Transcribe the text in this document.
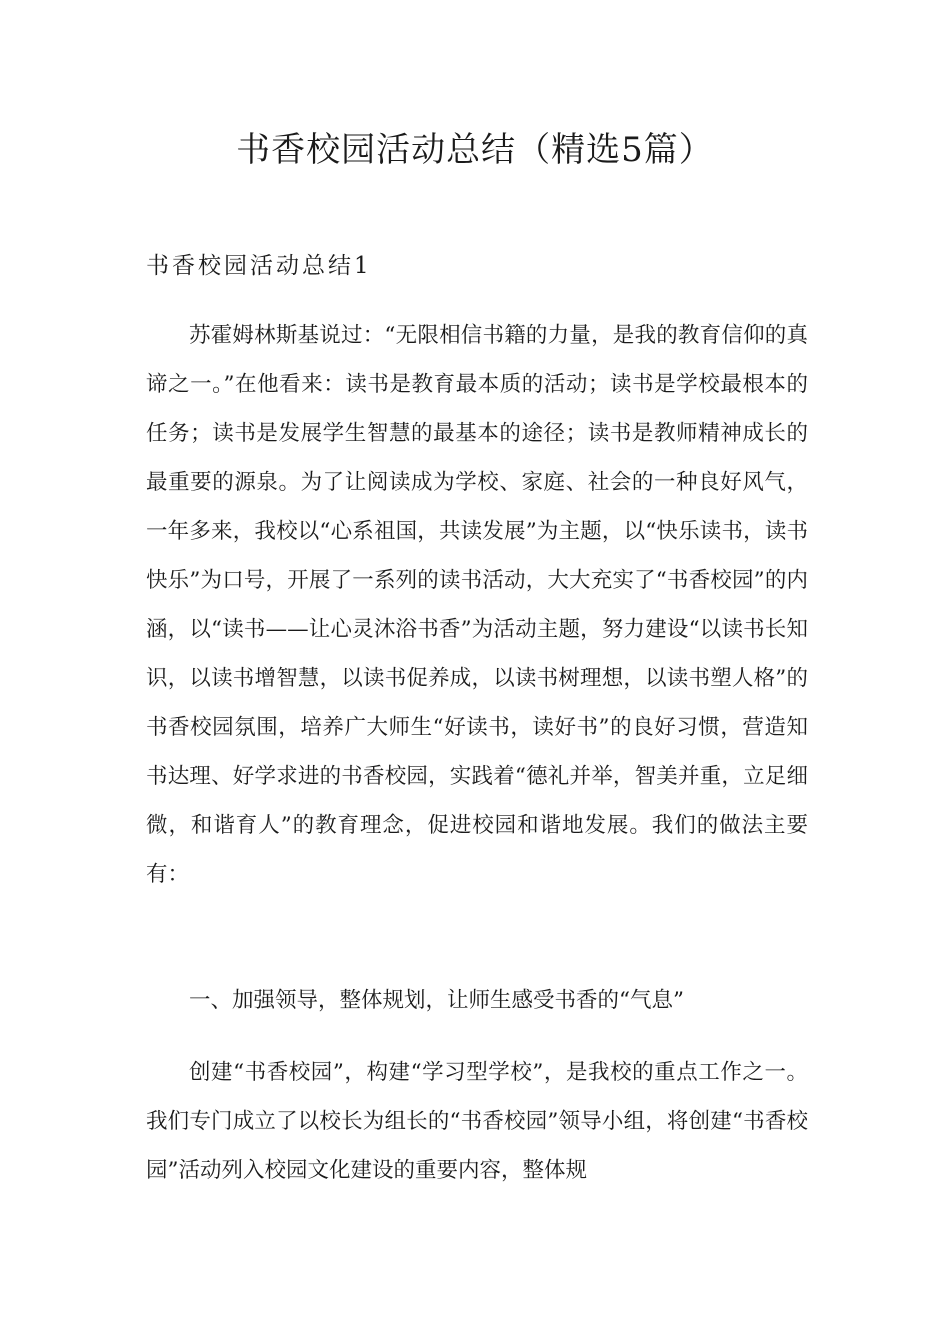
书香校园活动总结（精选5篇）
书香校园活动总结1

苏霍姆林斯基说过：“无限相信书籍的力量，是我的教育信仰的真谛之一。”在他看来：读书是教育最本质的活动；读书是学校最根本的任务；读书是发展学生智慧的最基本的途径；读书是教师精神成长的最重要的源泉。为了让阅读成为学校、家庭、社会的一种良好风气，一年多来，我校以“心系祖国，共读发展”为主题，以“快乐读书，读书快乐”为口号，开展了一系列的读书活动，大大充实了“书香校园”的内涵，以“读书——让心灵沐浴书香”为活动主题，努力建设“以读书长知识，以读书增智慧，以读书促养成，以读书树理想，以读书塑人格”的书香校园氛围，培养广大师生“好读书，读好书”的良好习惯，营造知书达理、好学求进的书香校园，实践着“德礼并举，智美并重，立足细微，和谐育人”的教育理念，促进校园和谐地发展。我们的做法主要有：

一、加强领导，整体规划，让师生感受书香的“气息”

创建“书香校园”，构建“学习型学校”，是我校的重点工作之一。我们专门成立了以校长为组长的“书香校园”领导小组，将创建“书香校园”活动列入校园文化建设的重要内容，整体规
